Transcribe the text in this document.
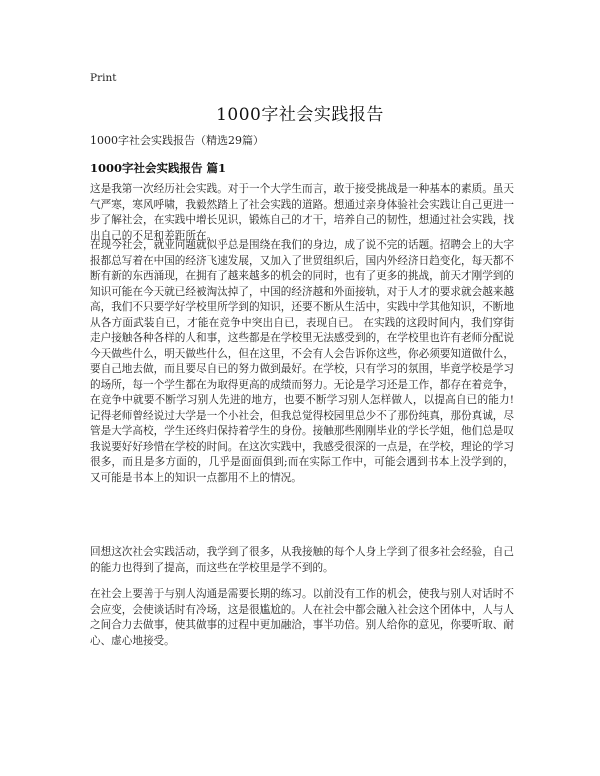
Print
1000字社会实践报告
1000字社会实践报告（精选29篇）
1000字社会实践报告 篇1

这是我第一次经历社会实践。对于一个大学生而言，敢于接受挑战是一种基本的素质。虽天气严寒，寒风呼啸，我毅然踏上了社会实践的道路。想通过亲身体验社会实践让自己更进一步了解社会，在实践中增长见识，锻炼自己的才干，培养自己的韧性，想通过社会实践，找出自己的不足和差距所在。

在现今社会，就业问题就似乎总是围绕在我们的身边，成了说不完的话题。招聘会上的大字报都总写着在中国的经济飞速发展，又加入了世贸组织后，国内外经济日趋变化，每天都不断有新的东西涌现，在拥有了越来越多的机会的同时，也有了更多的挑战，前天才刚学到的知识可能在今天就已经被淘汰掉了，中国的经济越和外面接轨，对于人才的要求就会越来越高，我们不只要学好学校里所学到的知识，还要不断从生活中，实践中学其他知识，不断地从各方面武装自已，才能在竞争中突出自已，表现自已。 在实践的这段时间内，我们穿街走户接触各种各样的人和事，这些都是在学校里无法感受到的，在学校里也许有老师分配说今天做些什么，明天做些什么，但在这里，不会有人会告诉你这些，你必须要知道做什么，要自己地去做，而且要尽自已的努力做到最好。在学校，只有学习的氛围，毕竟学校是学习的场所，每一个学生都在为取得更高的成绩而努力。无论是学习还是工作，都存在着竞争，在竞争中就要不断学习别人先进的地方，也要不断学习别人怎样做人，以提高自已的能力!记得老师曾经说过大学是一个小社会，但我总觉得校园里总少不了那份纯真，那份真诚，尽管是大学高校，学生还终归保持着学生的身份。接触那些刚刚毕业的学长学姐，他们总是叹我说要好好珍惜在学校的时间。在这次实践中，我感受很深的一点是，在学校，理论的学习很多，而且是多方面的，几乎是面面俱到;而在实际工作中，可能会遇到书本上没学到的，又可能是书本上的知识一点都用不上的情况。

回想这次社会实践活动，我学到了很多，从我接触的每个人身上学到了很多社会经验，自己的能力也得到了提高，而这些在学校里是学不到的。

在社会上要善于与别人沟通是需要长期的练习。以前没有工作的机会，使我与别人对话时不会应变，会使谈话时有冷场，这是很尴尬的。人在社会中都会融入社会这个团体中，人与人之间合力去做事，使其做事的过程中更加融洽，事半功倍。别人给你的意见，你要听取、耐心、虚心地接受。
